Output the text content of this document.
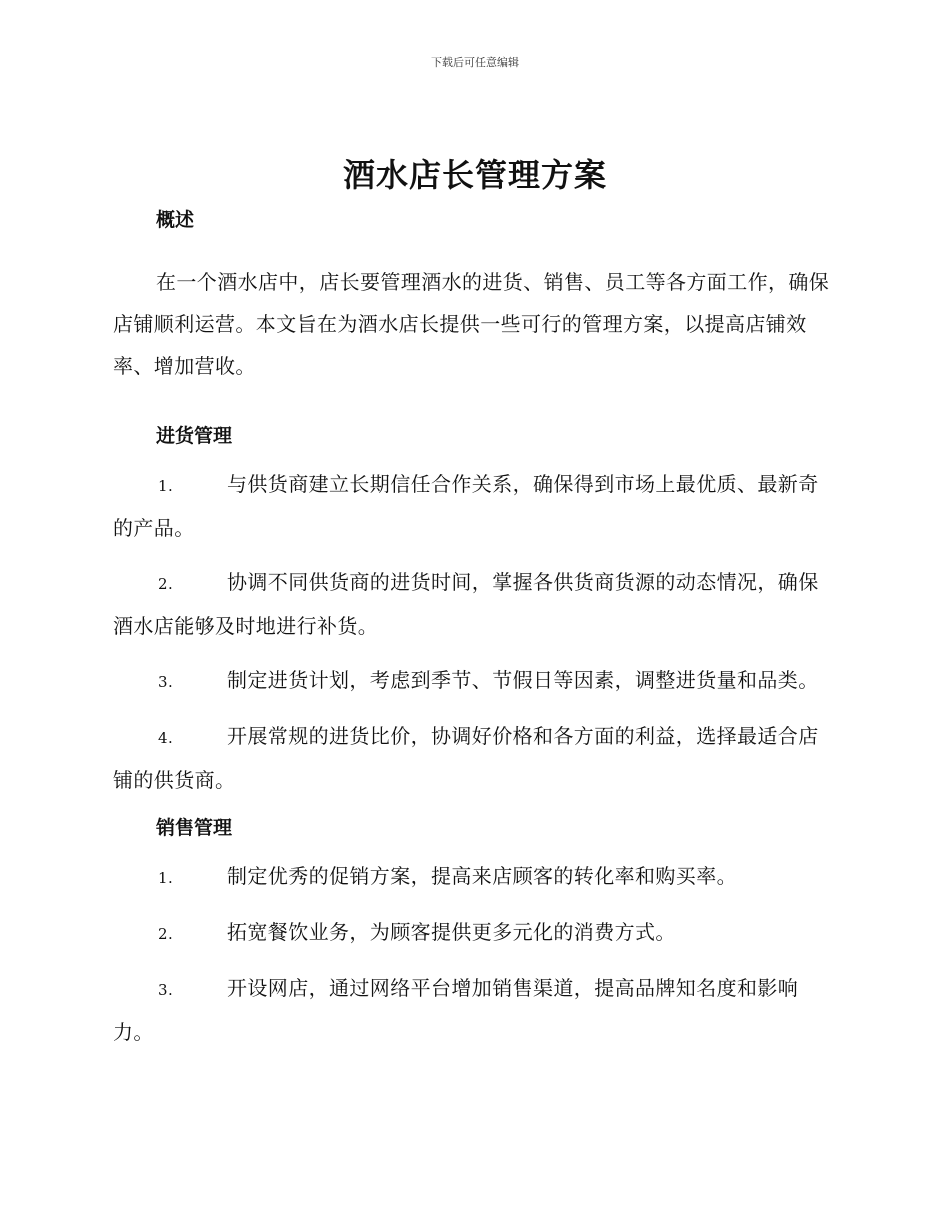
下载后可任意编辑
酒水店长管理方案
概述

在一个酒水店中，店长要管理酒水的进货、销售、员工等各方面工作，确保店铺顺利运营。本文旨在为酒水店长提供一些可行的管理方案，以提高店铺效率、增加营收。

进货管理

1.	与供货商建立长期信任合作关系，确保得到市场上最优质、最新奇的产品。

2.	协调不同供货商的进货时间，掌握各供货商货源的动态情况，确保酒水店能够及时地进行补货。

3.	制定进货计划，考虑到季节、节假日等因素，调整进货量和品类。

4.	开展常规的进货比价，协调好价格和各方面的利益，选择最适合店铺的供货商。

销售管理

1.	制定优秀的促销方案，提高来店顾客的转化率和购买率。

2.	拓宽餐饮业务，为顾客提供更多元化的消费方式。

3.	开设网店，通过网络平台增加销售渠道，提高品牌知名度和影响力。
